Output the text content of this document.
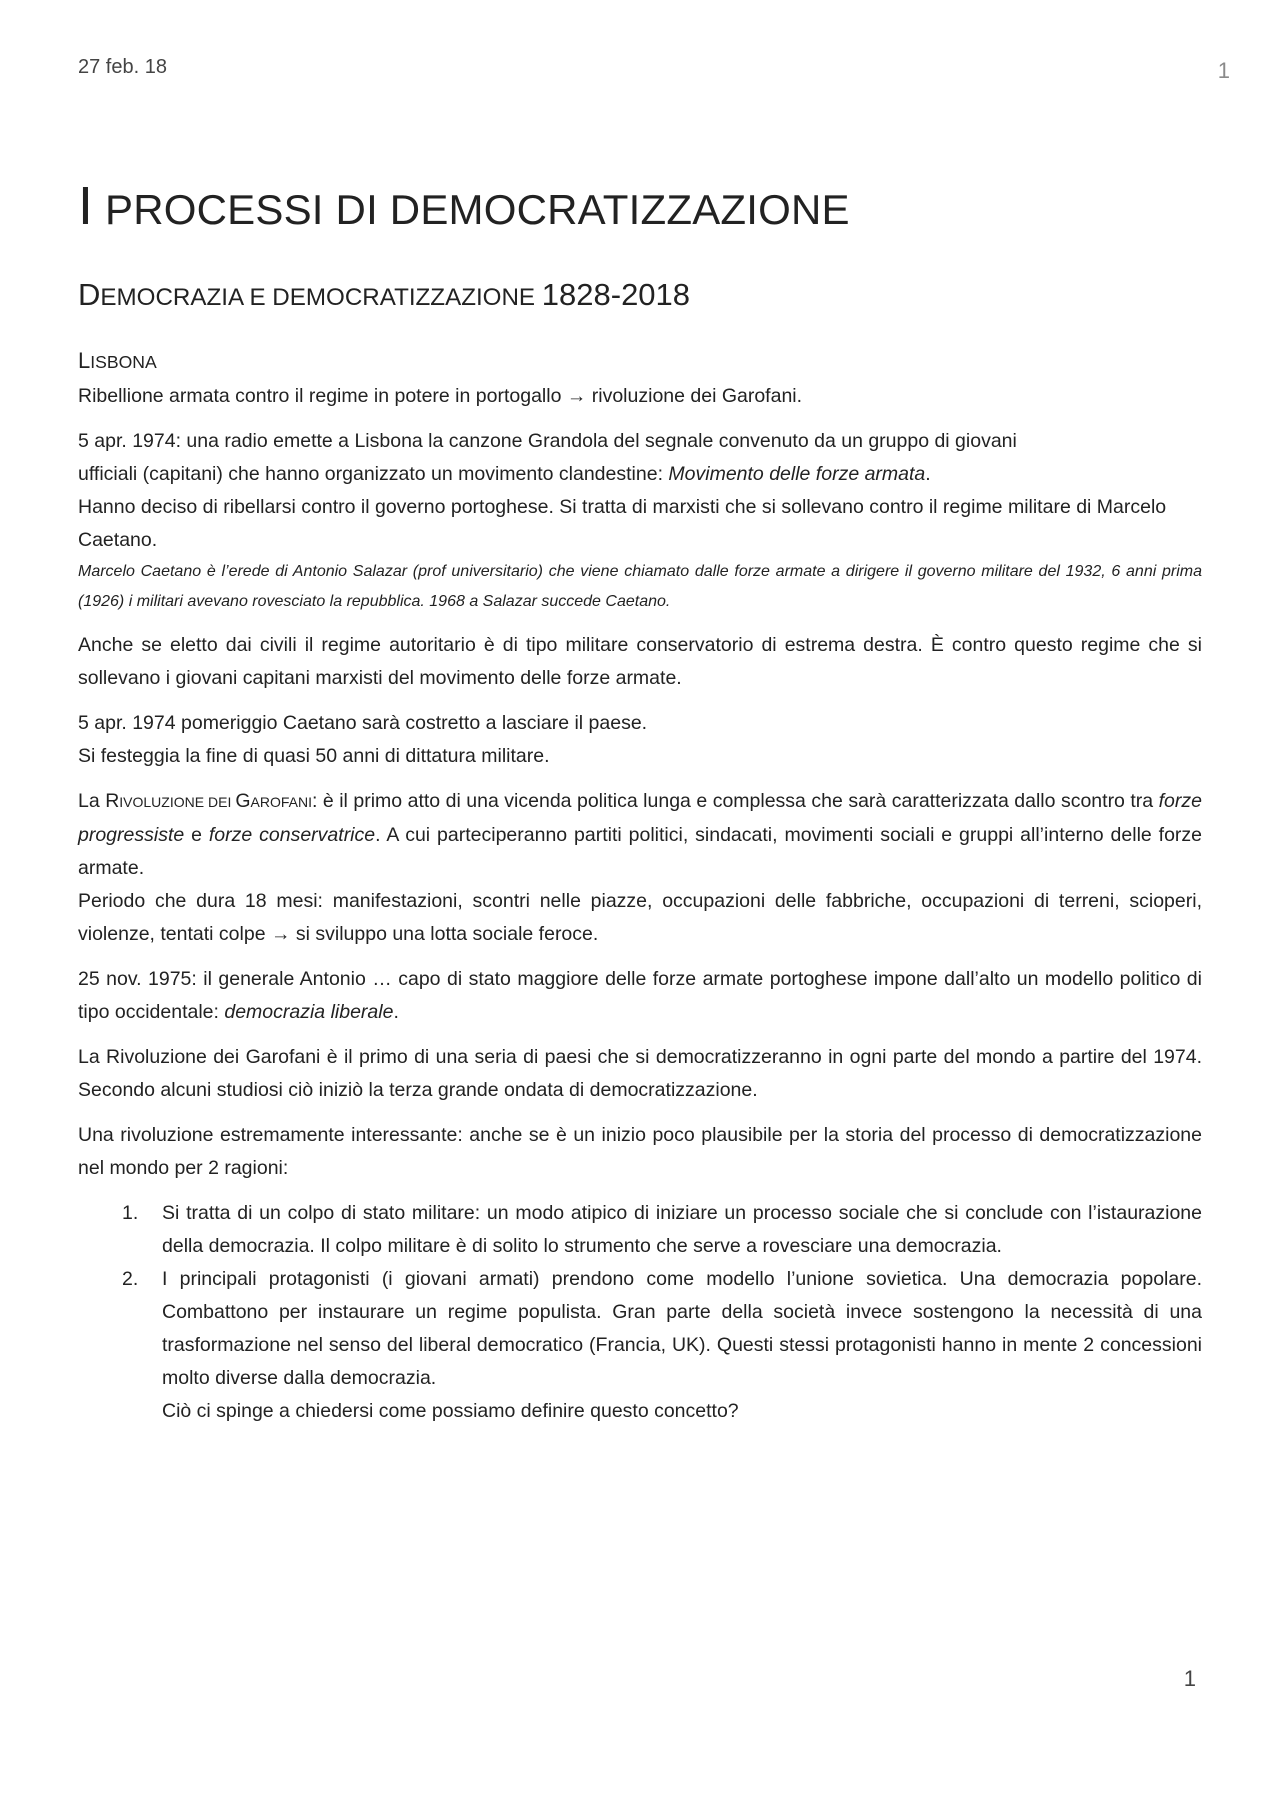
27 feb. 18	1
I PROCESSI DI DEMOCRATIZZAZIONE
DEMOCRAZIA E DEMOCRATIZZAZIONE 1828-2018
LISBONA

Ribellione armata contro il regime in potere in portogallo → rivoluzione dei Garofani.

5 apr. 1974: una radio emette a Lisbona la canzone Grandola del segnale convenuto da un gruppo di giovani
ufficiali (capitani) che hanno organizzato un movimento clandestine: Movimento delle forze armata.
Hanno deciso di ribellarsi contro il governo portoghese. Si tratta di marxisti che si sollevano contro il regime militare di Marcelo Caetano.

Marcelo Caetano è l’erede di Antonio Salazar (prof universitario) che viene chiamato dalle forze armate a dirigere il governo militare del 1932, 6 anni prima (1926) i militari avevano rovesciato la repubblica. 1968 a Salazar succede Caetano.

Anche se eletto dai civili il regime autoritario è di tipo militare conservatorio di estrema destra. È contro questo regime che si sollevano i giovani capitani marxisti del movimento delle forze armate.

5 apr. 1974 pomeriggio Caetano sarà costretto a lasciare il paese.
Si festeggia la fine di quasi 50 anni di dittatura militare.

La RIVOLUZIONE DEI GAROFANI: è il primo atto di una vicenda politica lunga e complessa che sarà caratterizzata dallo scontro tra forze progressiste e forze conservatrice. A cui parteciperanno partiti politici, sindacati, movimenti sociali e gruppi all’interno delle forze armate.
Periodo che dura 18 mesi: manifestazioni, scontri nelle piazze, occupazioni delle fabbriche, occupazioni di terreni, scioperi, violenze, tentati colpe → si sviluppo una lotta sociale feroce.

25 nov. 1975: il generale Antonio … capo di stato maggiore delle forze armate portoghese impone dall’alto un modello politico di tipo occidentale: democrazia liberale.

La Rivoluzione dei Garofani è il primo di una seria di paesi che si democratizzeranno in ogni parte del mondo a partire del 1974. Secondo alcuni studiosi ciò iniziò la terza grande ondata di democratizzazione.

Una rivoluzione estremamente interessante: anche se è un inizio poco plausibile per la storia del processo di democratizzazione nel mondo per 2 ragioni:

1. Si tratta di un colpo di stato militare: un modo atipico di iniziare un processo sociale che si conclude con l’istaurazione della democrazia. Il colpo militare è di solito lo strumento che serve a rovesciare una democrazia.
2. I principali protagonisti (i giovani armati) prendono come modello l’unione sovietica. Una democrazia popolare. Combattono per instaurare un regime populista. Gran parte della società invece sostengono la necessità di una trasformazione nel senso del liberal democratico (Francia, UK). Questi stessi protagonisti hanno in mente 2 concessioni molto diverse dalla democrazia.
Ciò ci spinge a chiedersi come possiamo definire questo concetto?
1
